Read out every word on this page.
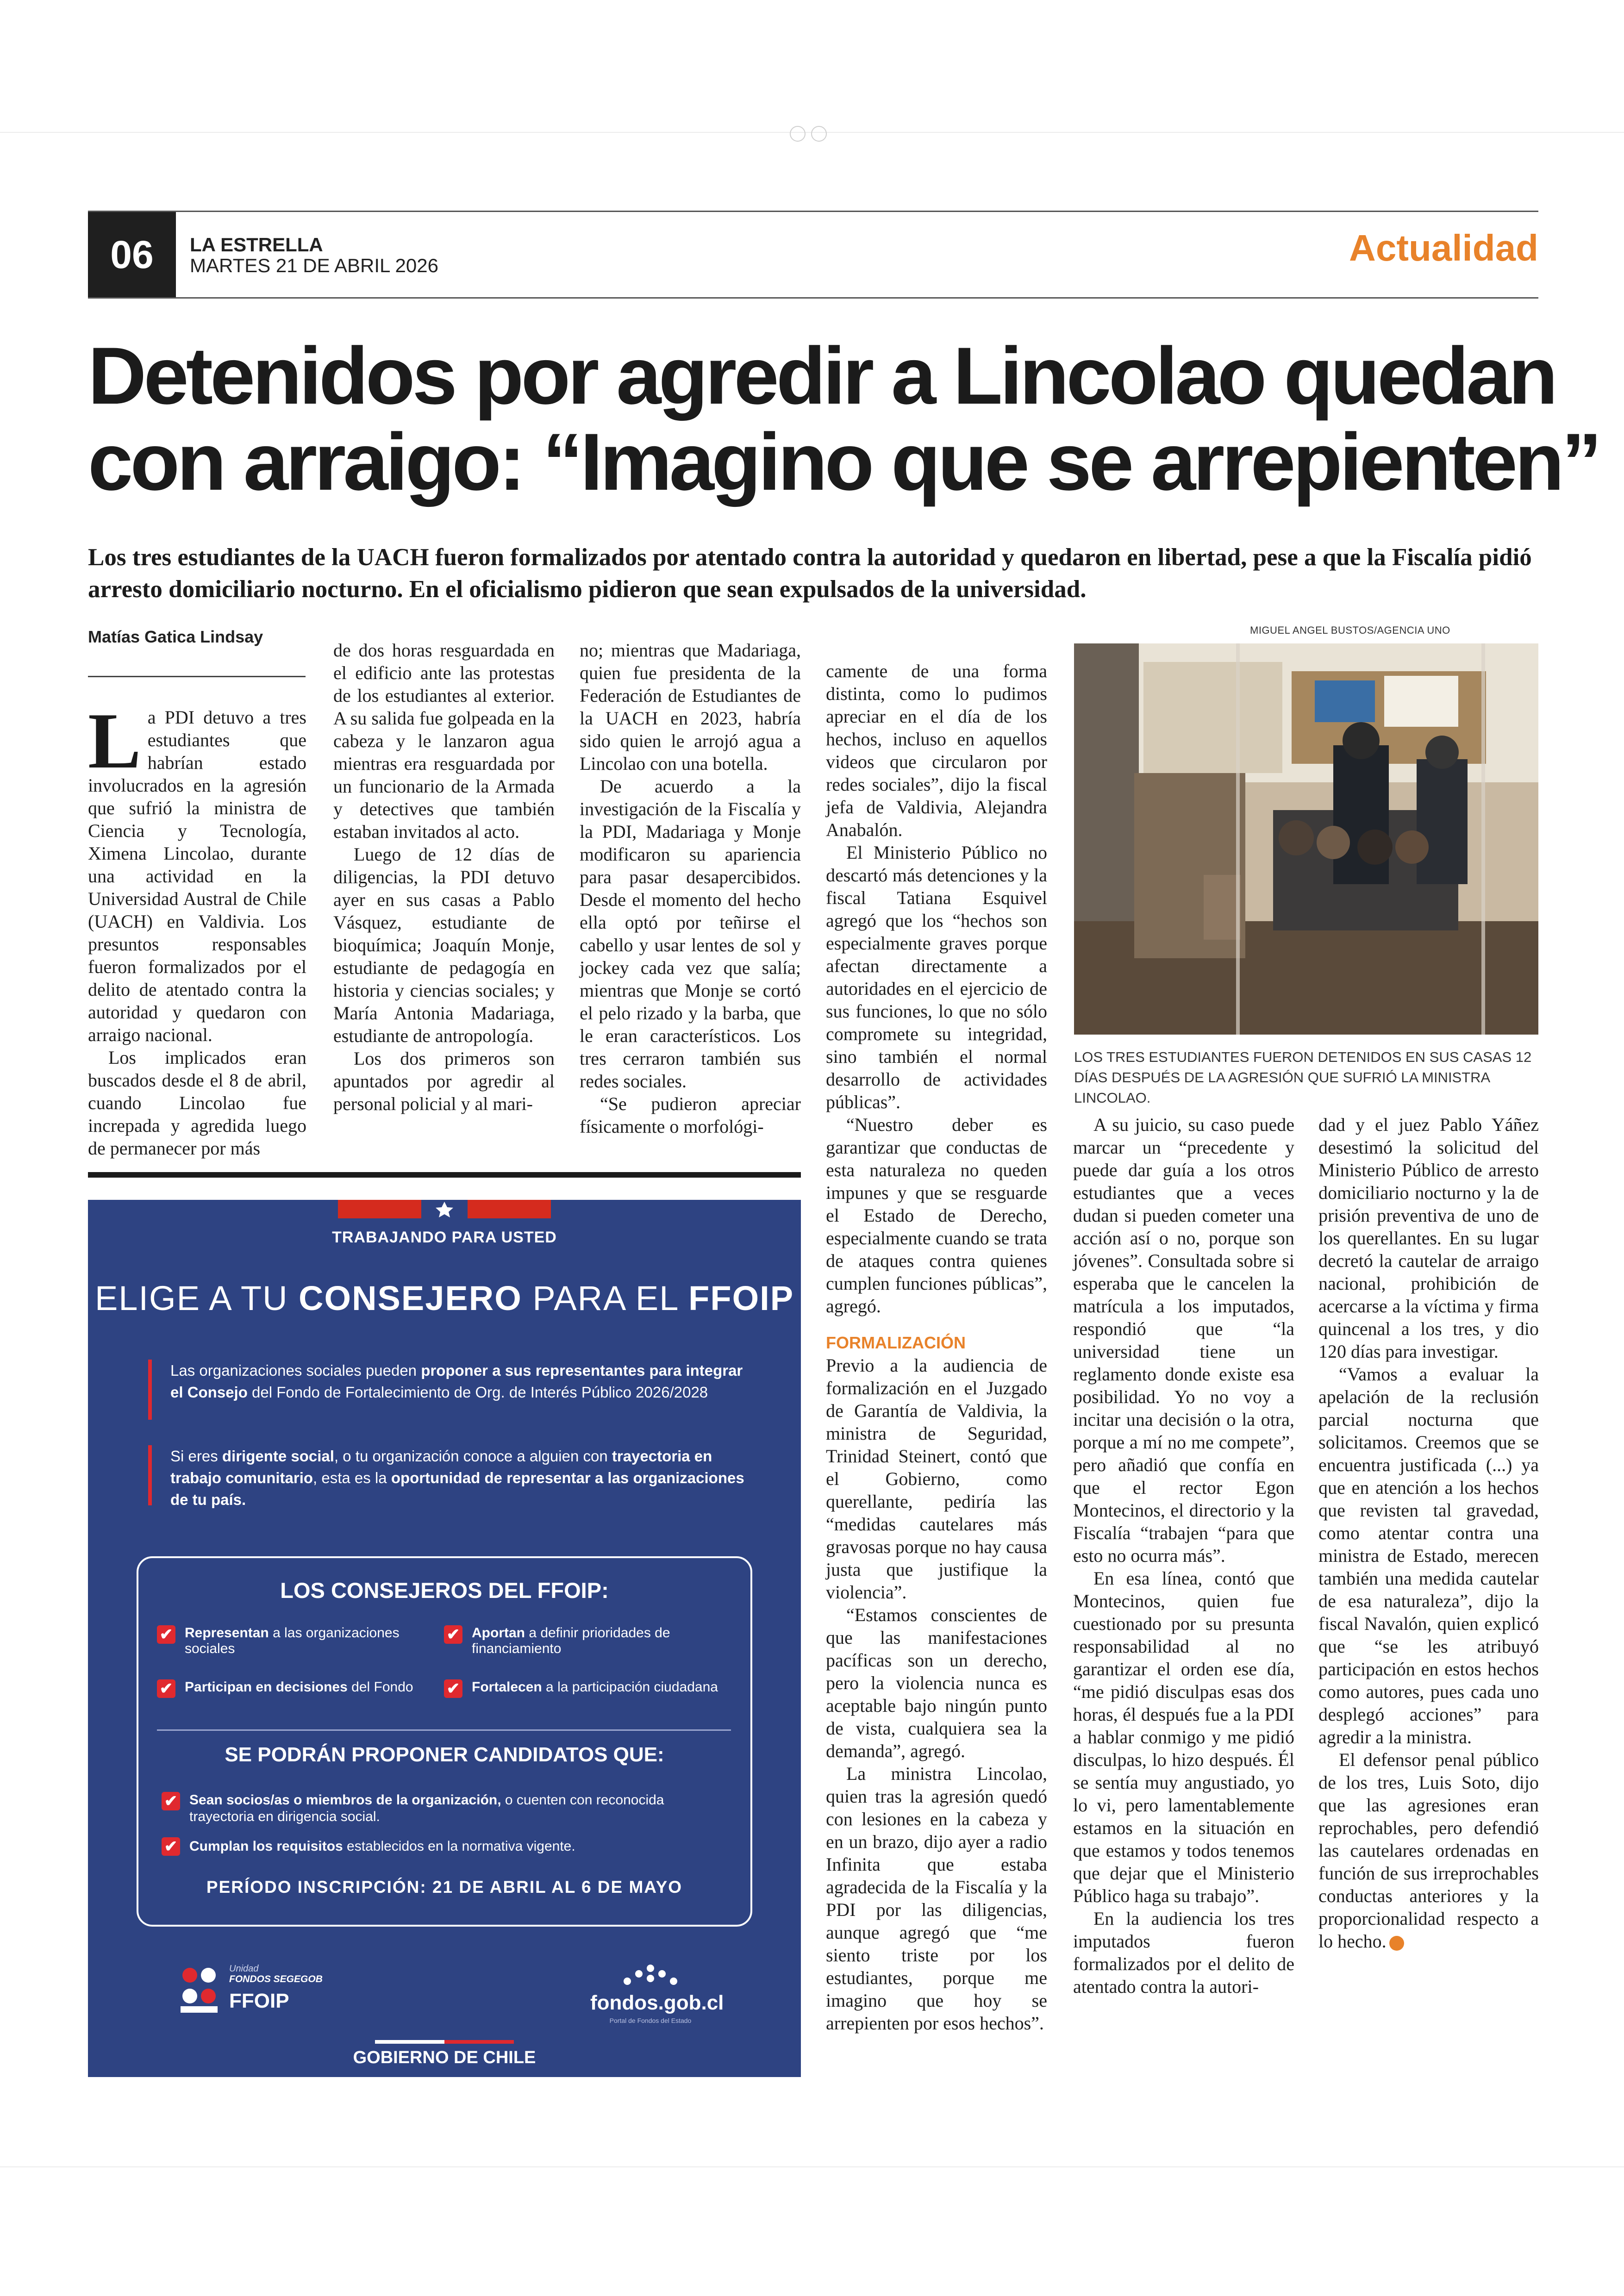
06	LA ESTRELLA
MARTES 21 DE ABRIL 2026	Actualidad
Detenidos por agredir a Lincolao quedan
con arraigo: “Imagino que se arrepienten”
Los tres estudiantes de la UACH fueron formalizados por atentado contra la autoridad y quedaron en libertad, pese a que la Fiscalía pidió arresto domiciliario nocturno. En el oficialismo pidieron que sean expulsados de la universidad.
Matías Gatica Lindsay

La PDI detuvo a tres estudiantes que habrían estado involucrados en la agresión que sufrió la ministra de Ciencia y Tecnología, Ximena Lincolao, durante una actividad en la Universidad Austral de Chile (UACH) en Valdivia. Los presuntos responsables fueron formalizados por el delito de atentado contra la autoridad y quedaron con arraigo nacional.

Los implicados eran buscados desde el 8 de abril, cuando Lincolao fue increpada y agredida luego de permanecer por más

de dos horas resguardada en el edificio ante las protestas de los estudiantes al exterior. A su salida fue golpeada en la cabeza y le lanzaron agua mientras era resguardada por un funcionario de la Armada y detectives que también estaban invitados al acto.

Luego de 12 días de diligencias, la PDI detuvo ayer en sus casas a Pablo Vásquez, estudiante de bioquímica; Joaquín Monje, estudiante de pedagogía en historia y ciencias sociales; y María Antonia Madariaga, estudiante de antropología.

Los dos primeros son apuntados por agredir al personal policial y al mari-

no; mientras que Madariaga, quien fue presidenta de la Federación de Estudiantes de la UACH en 2023, habría sido quien le arrojó agua a Lincolao con una botella.

De acuerdo a la investigación de la Fiscalía y la PDI, Madariaga y Monje modificaron su apariencia para pasar desapercibidos. Desde el momento del hecho ella optó por teñirse el cabello y usar lentes de sol y jockey cada vez que salía; mientras que Monje se cortó el pelo rizado y la barba, que le eran característicos. Los tres cerraron también sus redes sociales.

“Se pudieron apreciar físicamente o morfológi-

camente de una forma distinta, como lo pudimos apreciar en el día de los hechos, incluso en aquellos videos que circularon por redes sociales”, dijo la fiscal jefa de Valdivia, Alejandra Anabalón.

El Ministerio Público no descartó más detenciones y la fiscal Tatiana Esquivel agregó que los “hechos son especialmente graves porque afectan directamente a autoridades en el ejercicio de sus funciones, lo que no sólo compromete su integridad, sino también el normal desarrollo de actividades públicas”.

“Nuestro deber es garantizar que conductas de esta naturaleza no queden impunes y que se resguarde el Estado de Derecho, especialmente cuando se trata de ataques contra quienes cumplen funciones públicas”, agregó.

FORMALIZACIÓN

Previo a la audiencia de formalización en el Juzgado de Garantía de Valdivia, la ministra de Seguridad, Trinidad Steinert, contó que el Gobierno, como querellante, pediría las “medidas cautelares más gravosas porque no hay causa justa que justifique la violencia”.

“Estamos conscientes de que las manifestaciones pacíficas son un derecho, pero la violencia nunca es aceptable bajo ningún punto de vista, cualquiera sea la demanda”, agregó.

La ministra Lincolao, quien tras la agresión quedó con lesiones en la cabeza y en un brazo, dijo ayer a radio Infinita que estaba agradecida de la Fiscalía y la PDI por las diligencias, aunque agregó que “me siento triste por los estudiantes, porque me imagino que hoy se arrepienten por esos hechos”.

MIGUEL ANGEL BUSTOS/AGENCIA UNO
LOS TRES ESTUDIANTES FUERON DETENIDOS EN SUS CASAS 12 DÍAS DESPUÉS DE LA AGRESIÓN QUE SUFRIÓ LA MINISTRA LINCOLAO.

A su juicio, su caso puede marcar un “precedente y puede dar guía a los otros estudiantes que a veces dudan si pueden cometer una acción así o no, porque son jóvenes”. Consultada sobre si esperaba que le cancelen la matrícula a los imputados, respondió que “la universidad tiene un reglamento donde existe esa posibilidad. Yo no voy a incitar una decisión o la otra, porque a mí no me compete”, pero añadió que confía en que el rector Egon Montecinos, el directorio y la Fiscalía “trabajen “para que esto no ocurra más”.

En esa línea, contó que Montecinos, quien fue cuestionado por su presunta responsabilidad al no garantizar el orden ese día, “me pidió disculpas esas dos horas, él después fue a la PDI a hablar conmigo y me pidió disculpas, lo hizo después. Él se sentía muy angustiado, yo lo vi, pero lamentablemente estamos en la situación en que estamos y todos tenemos que dejar que el Ministerio Público haga su trabajo”.

En la audiencia los tres imputados fueron formalizados por el delito de atentado contra la autori-

dad y el juez Pablo Yáñez desestimó la solicitud del Ministerio Público de arresto domiciliario nocturno y la de prisión preventiva de uno de los querellantes. En su lugar decretó la cautelar de arraigo nacional, prohibición de acercarse a la víctima y firma quincenal a los tres, y dio 120 días para investigar.

“Vamos a evaluar la apelación de la reclusión parcial nocturna que solicitamos. Creemos que se encuentra justificada (...) ya que en atención a los hechos que revisten tal gravedad, como atentar contra una ministra de Estado, merecen también una medida cautelar de esa naturaleza”, dijo la fiscal Navalón, quien explicó que “se les atribuyó participación en estos hechos como autores, pues cada uno desplegó acciones” para agredir a la ministra.

El defensor penal público de los tres, Luis Soto, dijo que las agresiones eran reprochables, pero defendió las cautelares ordenadas en función de sus irreprochables conductas anteriores y la proporcionalidad respecto a lo hecho.

TRABAJANDO PARA USTED
ELIGE A TU CONSEJERO PARA EL FFOIP
Las organizaciones sociales pueden proponer a sus representantes para integrar el Consejo del Fondo de Fortalecimiento de Org. de Interés Público 2026/2028
Si eres dirigente social, o tu organización conoce a alguien con trayectoria en trabajo comunitario, esta es la oportunidad de representar a las organizaciones de tu país.
LOS CONSEJEROS DEL FFOIP:
✔ Representan a las organizaciones sociales
✔ Aportan a definir prioridades de financiamiento
✔ Participan en decisiones del Fondo	✔ Fortalecen a la participación ciudadana
SE PODRÁN PROPONER CANDIDATOS QUE:
✔ Sean socios/as o miembros de la organización, o cuenten con reconocida trayectoria en dirigencia social.
✔ Cumplan los requisitos establecidos en la normativa vigente.
PERÍODO INSCRIPCIÓN: 21 DE ABRIL AL 6 DE MAYO
Unidad
FONDOS SEGEGOB
FFOIP	fondos.gob.cl
Portal de Fondos del Estado
GOBIERNO DE CHILE
